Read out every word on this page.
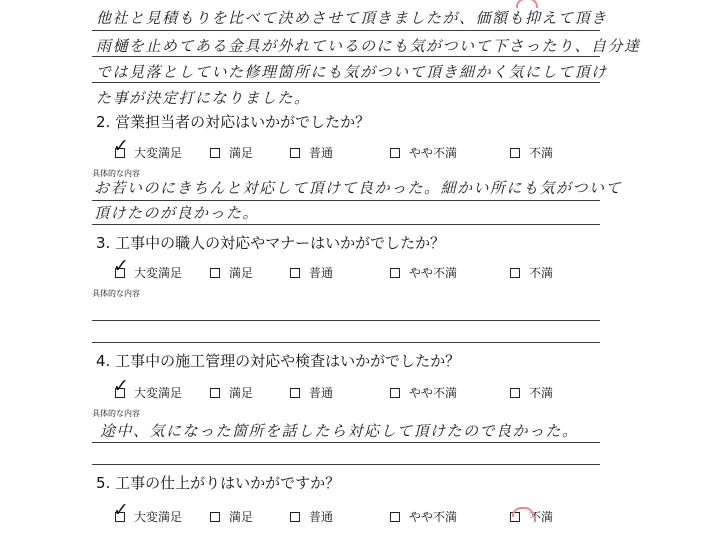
他社と見積もりを比べて決めさせて頂きましたが、価額も抑えて頂き
雨樋を止めてある金具が外れているのにも気がついて下さったり、自分達
では見落としていた修理箇所にも気がついて頂き細かく気にして頂け
た事が決定打になりました。
2. 営業担当者の対応はいかがでしたか？
✓ 大変満足	満足	普通	やや不満	不満
具体的な内容
お若いのにきちんと対応して頂けて良かった。細かい所にも気がついて
頂けたのが良かった。
3. 工事中の職人の対応やマナーはいかがでしたか？
✓ 大変満足	満足	普通	やや不満	不満
具体的な内容
4. 工事中の施工管理の対応や検査はいかがでしたか？
✓ 大変満足	満足	普通	やや不満	不満
具体的な内容
途中、気になった箇所を話したら対応して頂けたので良かった。
5. 工事の仕上がりはいかがですか？
✓ 大変満足	満足	普通	やや不満	不満
